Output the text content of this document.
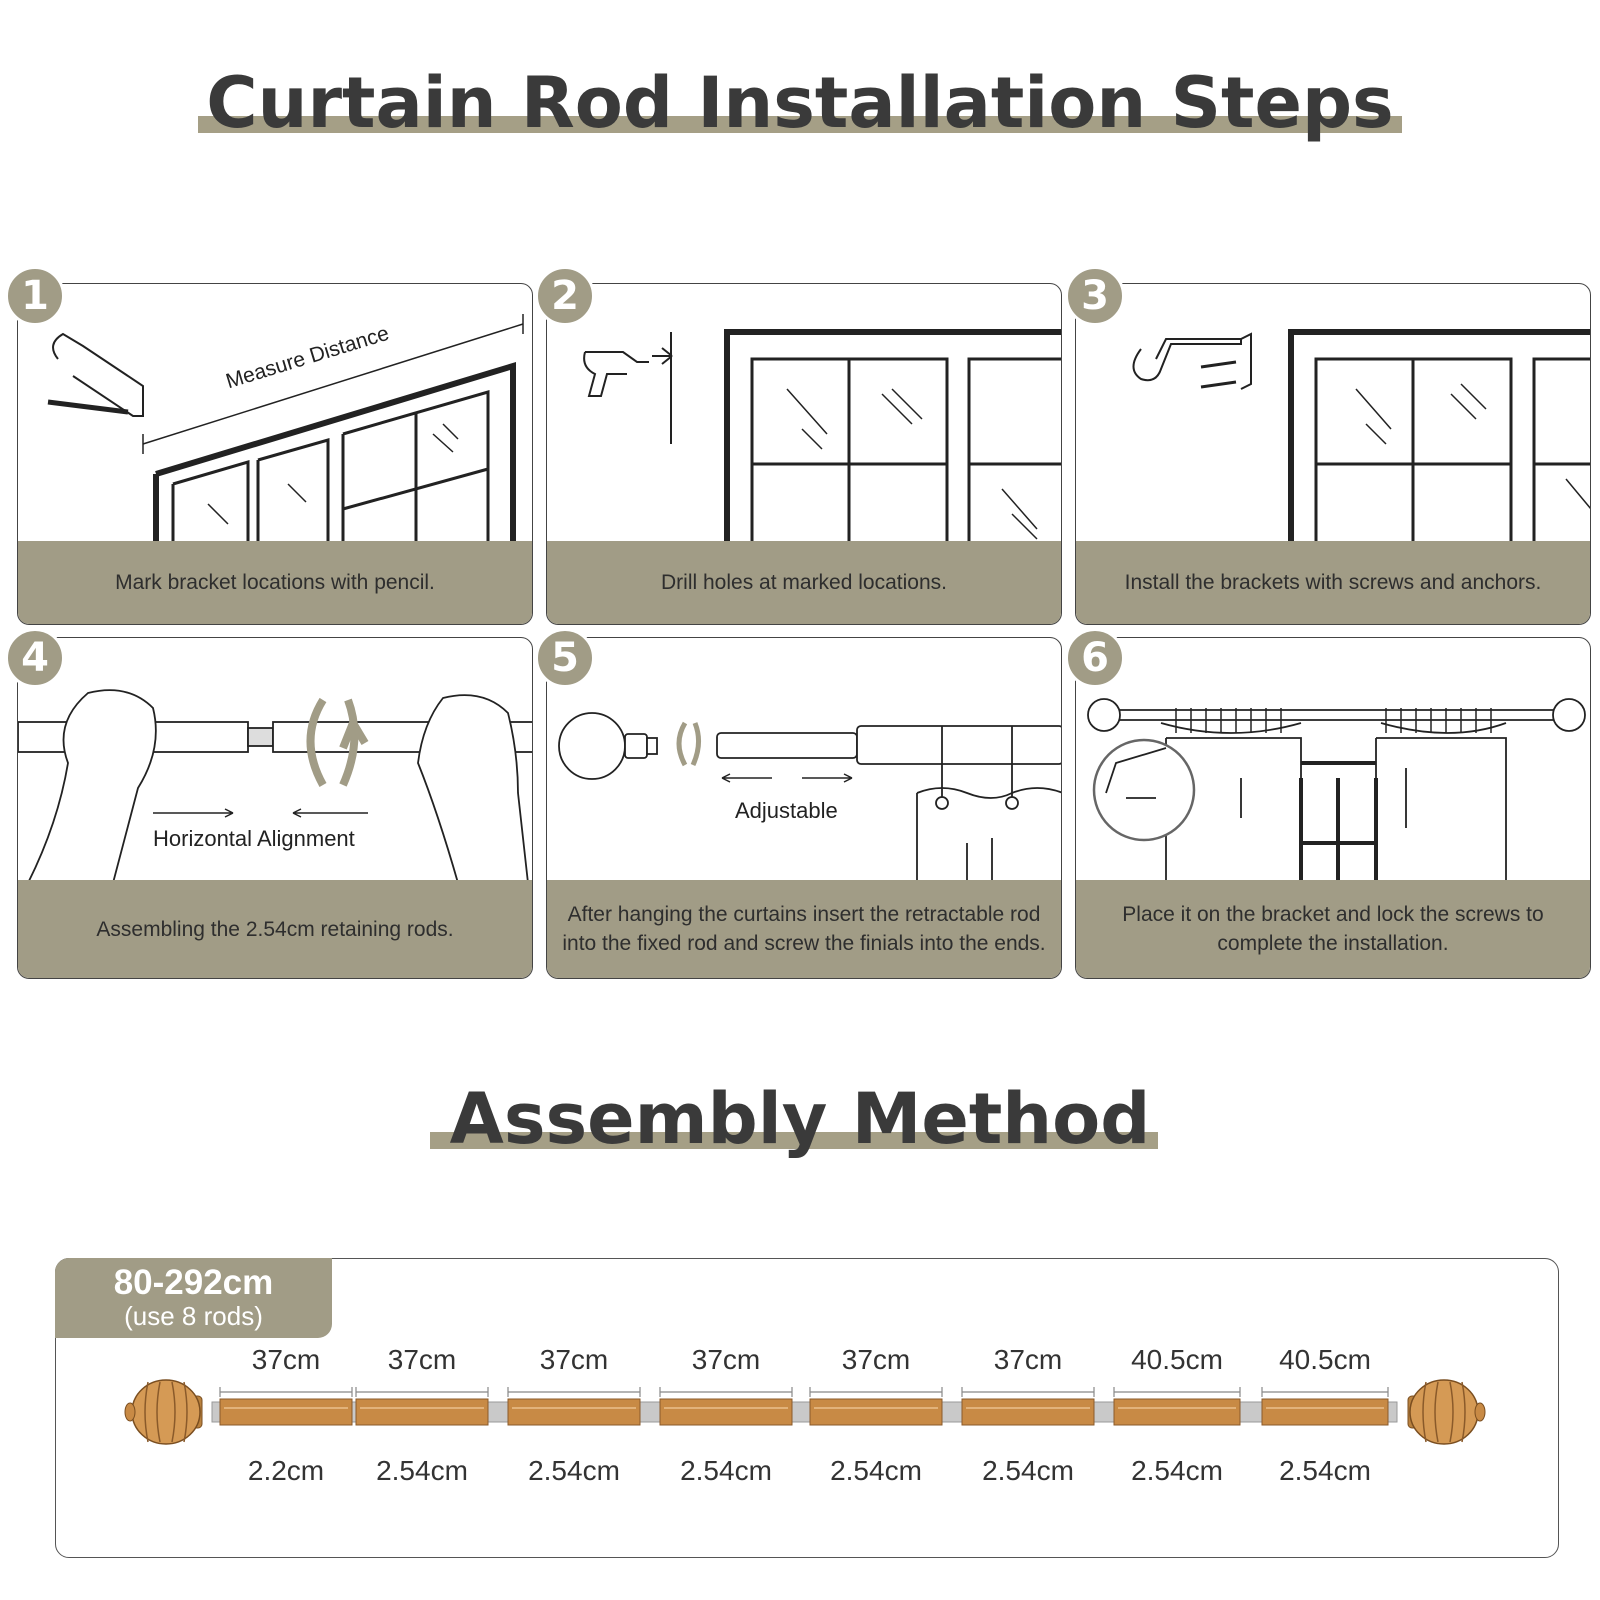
Curtain Rod Installation Steps
Measure Distance
Mark bracket locations with pencil.	Drill holes at marked locations.	Install the brackets with screws and anchors.
Horizontal Alignment
Assembling the 2.54cm retaining rods.
Adjustable
After hanging the curtains insert the retractable rod into the fixed rod and screw the finials into the ends.
Place it on the bracket and lock the screws to complete the installation.
1	2	3
4	5	6
Assembly Method
80-292cm
(use 8 rods)
37cm
2.2cm
37cm
2.54cm
37cm
2.54cm
37cm
2.54cm
37cm
2.54cm
37cm
2.54cm
40.5cm
2.54cm
40.5cm
2.54cm
